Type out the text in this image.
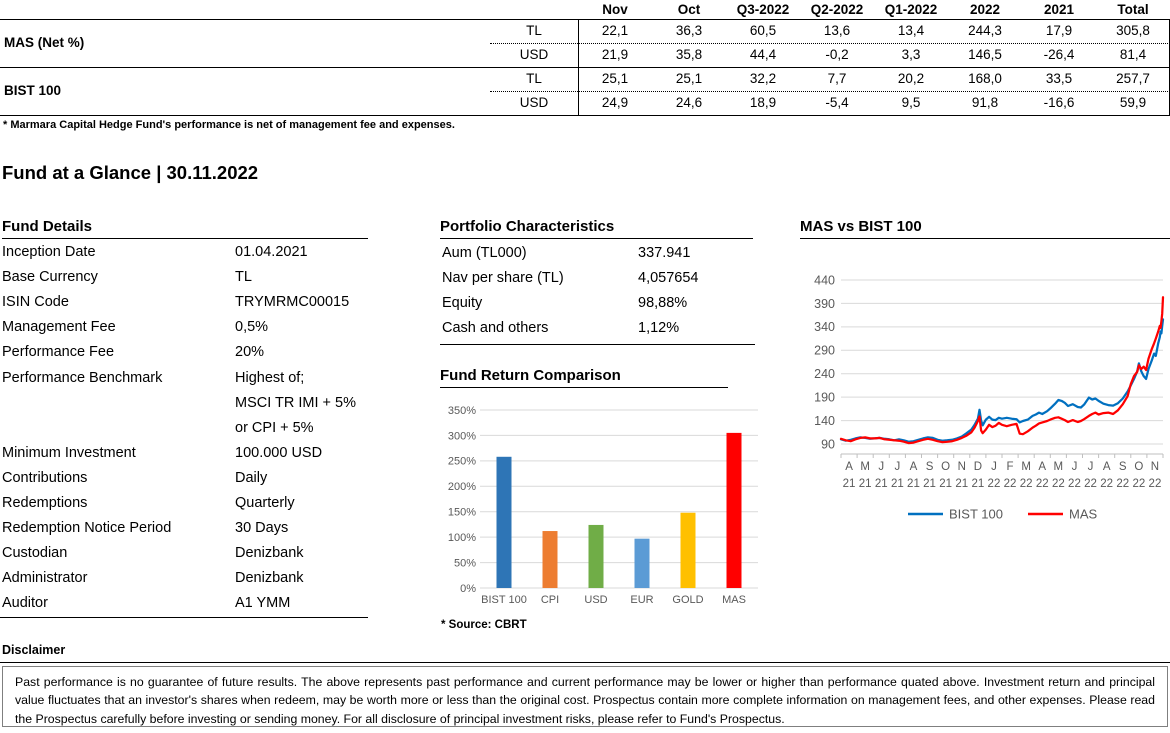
MAS (Net %)
BIST 100
Nov	Oct	Q3-2022	Q2-2022	Q1-2022	2022	2021	Total
TL	22,1	36,3	60,5	13,6	13,4	244,3	17,9	305,8
USD	21,9	35,8	44,4	-0,2	3,3	146,5	-26,4	81,4
TL	25,1	25,1	32,2	7,7	20,2	168,0	33,5	257,7
USD	24,9	24,6	18,9	-5,4	9,5	91,8	-16,6	59,9
* Marmara Capital Hedge Fund's performance is net of management fee and expenses.
Fund at a Glance | 30.11.2022
Fund Details
Inception Date	01.04.2021
Base Currency	TL
ISIN Code	TRYMRMC00015
Management Fee	0,5%
Performance Fee	20%
Performance Benchmark	Highest of;
MSCI TR IMI + 5%
or CPI + 5%
Minimum Investment	100.000 USD
Contributions	Daily
Redemptions	Quarterly
Redemption Notice Period	30 Days
Custodian	Denizbank
Administrator	Denizbank
Auditor	A1 YMM
Portfolio Characteristics
Aum (TL000)	337.941
Nav per share (TL)	4,057654
Equity	98,88%
Cash and others	1,12%
Fund Return Comparison
0%
50%
100%
150%
200%
250%
300%
350%
BIST 100 CPI USD EUR GOLD MAS
* Source: CBRT
MAS vs BIST 100
90
140
190
240
290
340
390
440
A
21
M
21
J
21
J
21
A
21
S
21
O
21
N
21
D
21
J
22
F
22
M
22
A
22
M
22
J
22
J
22
A
22
S
22
O
22
N
22
BIST 100	MAS
Disclaimer
Past performance is no guarantee of future results. The above represents past performance and current performance may be lower or higher than performance quated above. Investment return and principal value fluctuates that an investor's shares when redeem, may be worth more or less than the original cost. Prospectus contain more complete information on management fees, and other expenses. Please read the Prospectus carefully before investing or sending money. For all disclosure of principal investment risks, please refer to Fund's Prospectus.
